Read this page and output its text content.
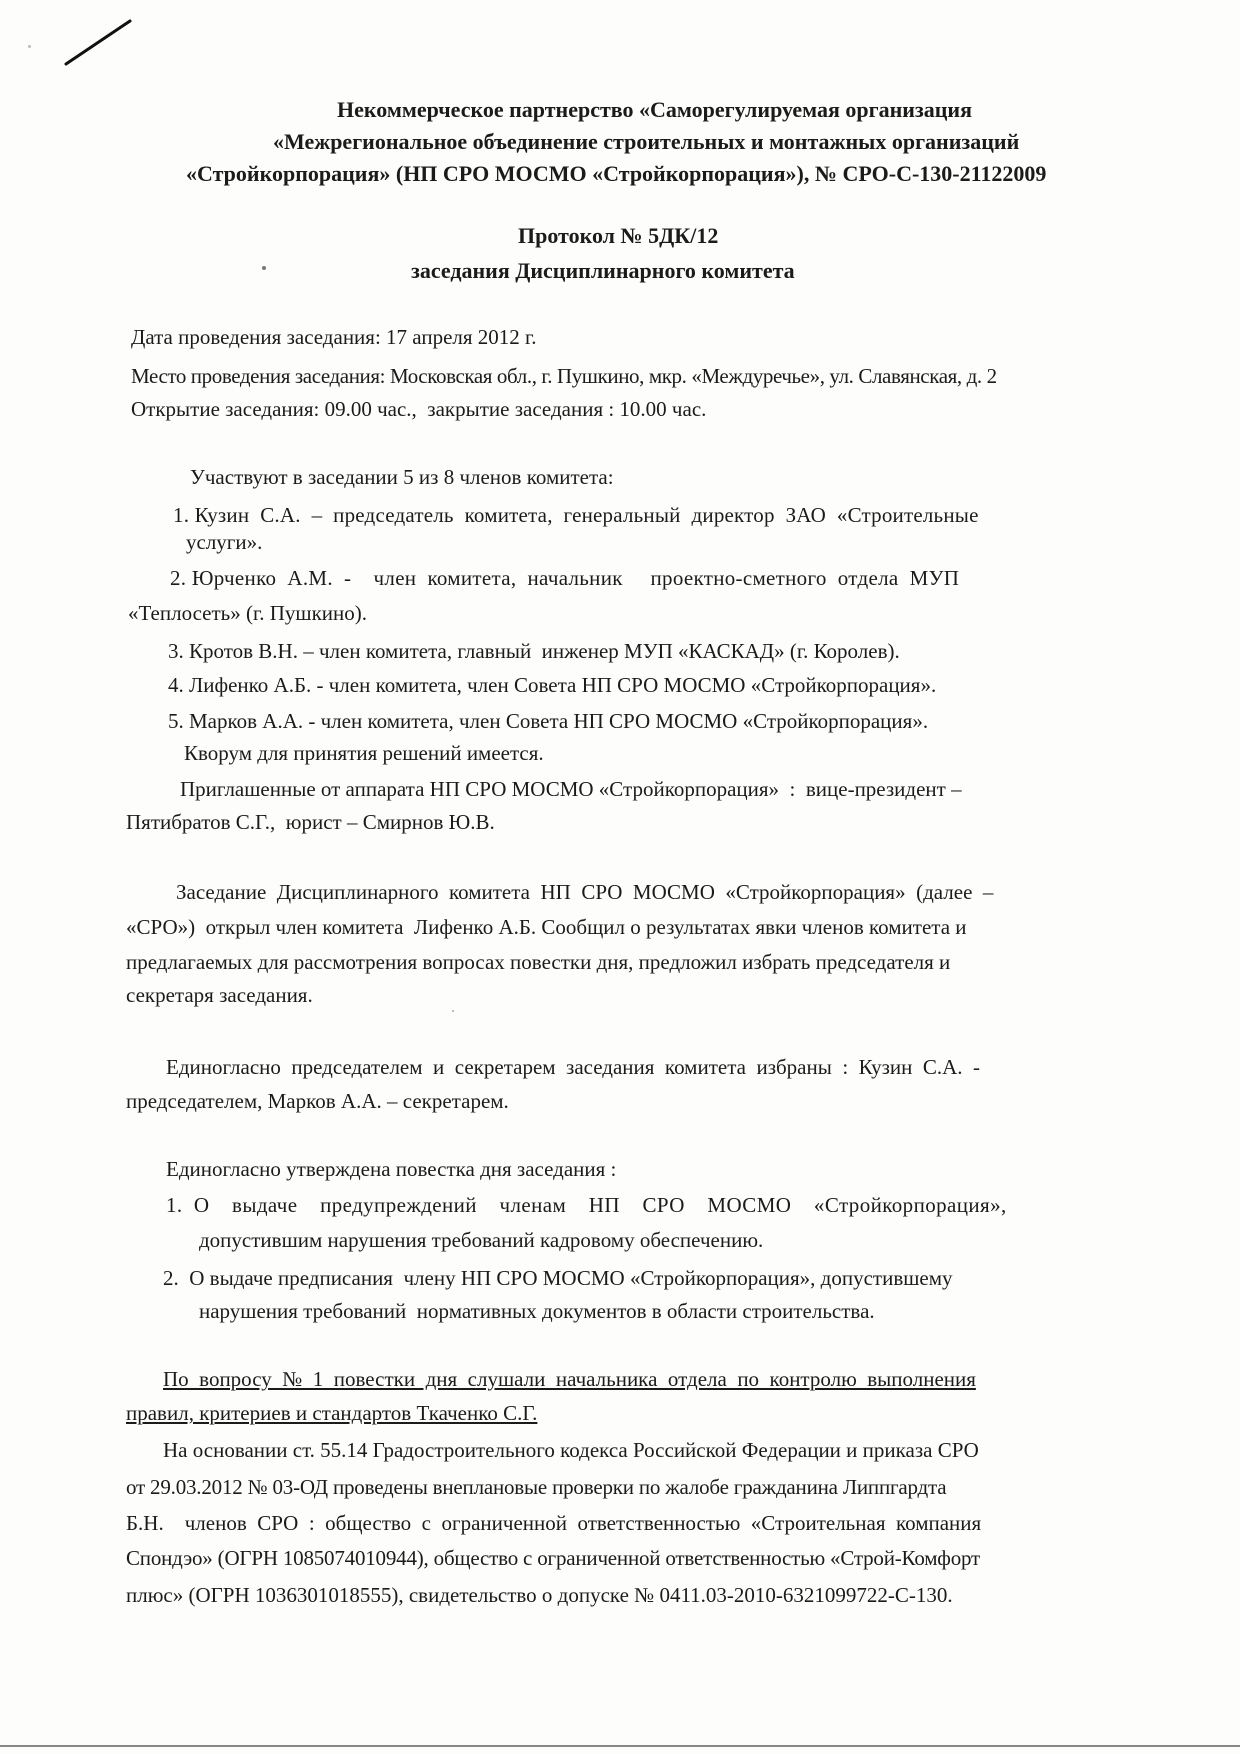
Некоммерческое партнерство «Саморегулируемая организация
«Межрегиональное объединение строительных и монтажных организаций
«Стройкорпорация» (НП СРО МОСМО «Стройкорпорация»), № СРО-С-130-21122009
Протокол № 5ДК/12
заседания Дисциплинарного комитета
Дата проведения заседания: 17 апреля 2012 г.
Место проведения заседания: Московская обл., г. Пушкино, мкр. «Междуречье», ул. Славянская, д. 2
Открытие заседания: 09.00 час.,  закрытие заседания : 10.00 час.
Участвуют в заседании 5 из 8 членов комитета:
1. Кузин  С.А.  –  председатель  комитета,  генеральный  директор  ЗАО  «Строительные
услуги».
2. Юрченко  А.М.  -    член  комитета,  начальник     проектно-сметного  отдела  МУП
«Теплосеть» (г. Пушкино).
3. Кротов В.Н. – член комитета, главный  инженер МУП «КАСКАД» (г. Королев).
4. Лифенко А.Б. - член комитета, член Совета НП СРО МОСМО «Стройкорпорация».
5. Марков А.А. - член комитета, член Совета НП СРО МОСМО «Стройкорпорация».
Кворум для принятия решений имеется.
Приглашенные от аппарата НП СРО МОСМО «Стройкорпорация»  :  вице-президент –
Пятибратов С.Г.,  юрист – Смирнов Ю.В.
Заседание  Дисциплинарного  комитета  НП  СРО  МОСМО  «Стройкорпорация»  (далее  –
«СРО»)  открыл член комитета  Лифенко А.Б. Сообщил о результатах явки членов комитета и
предлагаемых для рассмотрения вопросах повестки дня, предложил избрать председателя и
секретаря заседания.
Единогласно  председателем  и  секретарем  заседания  комитета  избраны  :  Кузин  С.А.  -
председателем, Марков А.А. – секретарем.
Единогласно утверждена повестка дня заседания :
1.  О    выдаче    предупреждений    членам    НП    СРО    МОСМО    «Стройкорпорация»,
допустившим нарушения требований кадровому обеспечению.
2.  О выдаче предписания  члену НП СРО МОСМО «Стройкорпорация», допустившему
нарушения требований  нормативных документов в области строительства.
По  вопросу  №  1  повестки  дня  слушали  начальника  отдела  по  контролю  выполнения
правил, критериев и стандартов Ткаченко С.Г.
На основании ст. 55.14 Градостроительного кодекса Российской Федерации и приказа СРО
от 29.03.2012 № 03-ОД проведены внеплановые проверки по жалобе гражданина Липпгардта
Б.Н.    членов  СРО  :  общество  с  ограниченной  ответственностью  «Строительная  компания
Спондэо» (ОГРН 1085074010944), общество с ограниченной ответственностью «Строй-Комфорт
плюс» (ОГРН 1036301018555), свидетельство о допуске № 0411.03-2010-6321099722-С-130.
